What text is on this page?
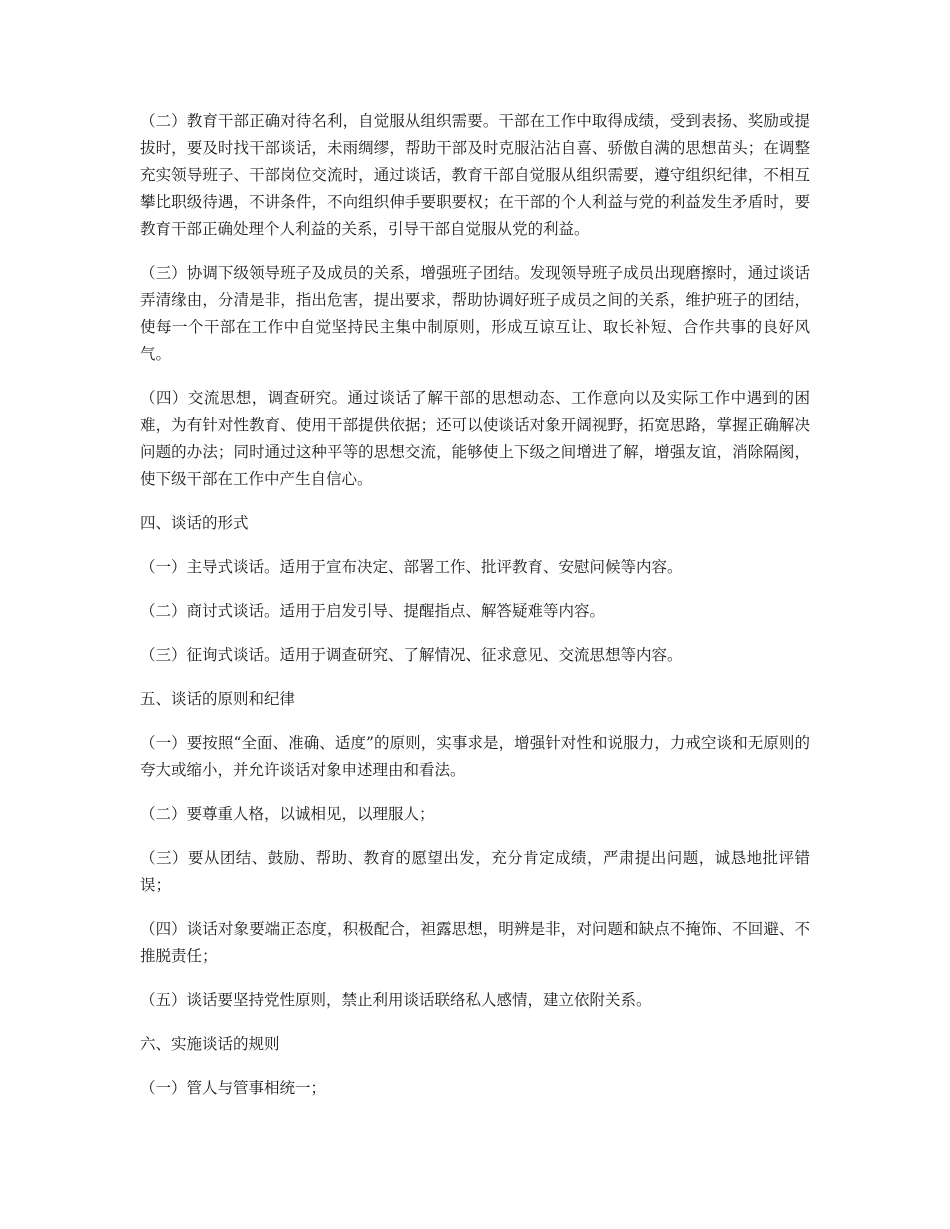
（二）教育干部正确对待名利，自觉服从组织需要。干部在工作中取得成绩，受到表扬、奖励或提拔时，要及时找干部谈话，未雨绸缪，帮助干部及时克服沾沾自喜、骄傲自满的思想苗头；在调整充实领导班子、干部岗位交流时，通过谈话，教育干部自觉服从组织需要，遵守组织纪律，不相互攀比职级待遇，不讲条件，不向组织伸手要职要权；在干部的个人利益与党的利益发生矛盾时，要教育干部正确处理个人利益的关系，引导干部自觉服从党的利益。

（三）协调下级领导班子及成员的关系，增强班子团结。发现领导班子成员出现磨擦时，通过谈话弄清缘由，分清是非，指出危害，提出要求，帮助协调好班子成员之间的关系，维护班子的团结，使每一个干部在工作中自觉坚持民主集中制原则，形成互谅互让、取长补短、合作共事的良好风气。

（四）交流思想，调查研究。通过谈话了解干部的思想动态、工作意向以及实际工作中遇到的困难，为有针对性教育、使用干部提供依据；还可以使谈话对象开阔视野，拓宽思路，掌握正确解决问题的办法；同时通过这种平等的思想交流，能够使上下级之间增进了解，增强友谊，消除隔阂，使下级干部在工作中产生自信心。

四、谈话的形式

（一）主导式谈话。适用于宣布决定、部署工作、批评教育、安慰问候等内容。

（二）商讨式谈话。适用于启发引导、提醒指点、解答疑难等内容。

（三）征询式谈话。适用于调查研究、了解情况、征求意见、交流思想等内容。

五、谈话的原则和纪律

（一）要按照“全面、准确、适度”的原则，实事求是，增强针对性和说服力，力戒空谈和无原则的夸大或缩小，并允许谈话对象申述理由和看法。

（二）要尊重人格，以诚相见，以理服人；

（三）要从团结、鼓励、帮助、教育的愿望出发，充分肯定成绩，严肃提出问题，诚恳地批评错误；

（四）谈话对象要端正态度，积极配合，袒露思想，明辨是非，对问题和缺点不掩饰、不回避、不推脱责任；

（五）谈话要坚持党性原则，禁止利用谈话联络私人感情，建立依附关系。

六、实施谈话的规则

（一）管人与管事相统一；
